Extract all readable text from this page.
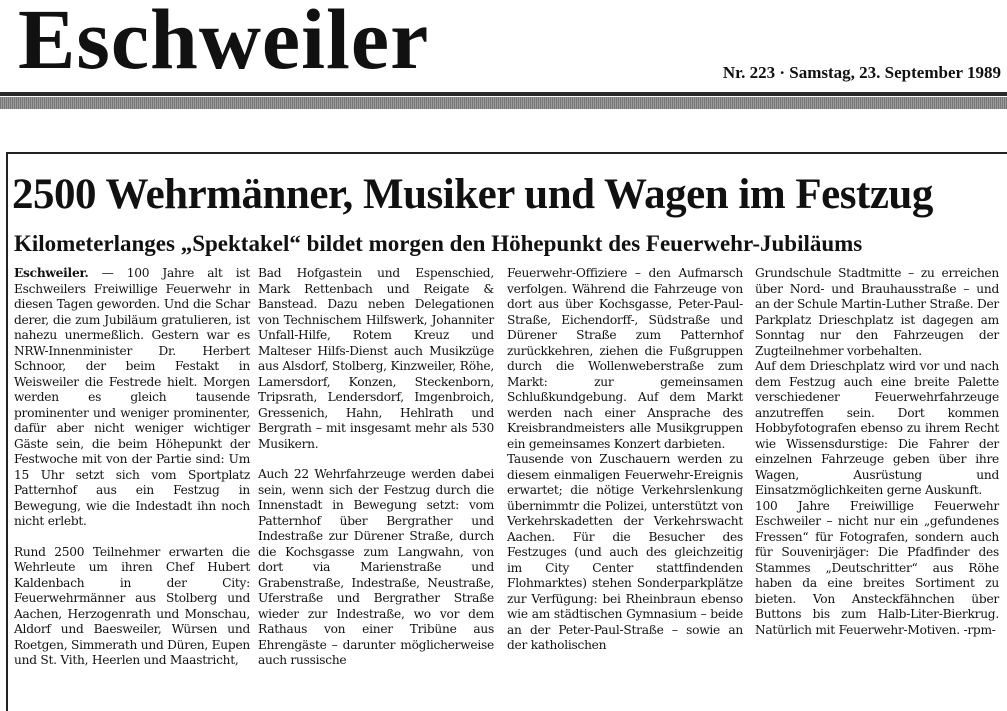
Eschweiler	Nr. 223 · Samstag, 23. September 1989
2500 Wehrmänner, Musiker und Wagen im Festzug
Kilometerlanges „Spektakel“ bildet morgen den Höhepunkt des Feuerwehr-Jubiläums

Eschweiler. — 100 Jahre alt ist Eschweilers Freiwillige Feuerwehr in diesen Tagen geworden. Und die Schar derer, die zum Jubiläum gratulieren, ist nahezu unermeßlich. Gestern war es NRW-Innenminister Dr. Herbert Schnoor, der beim Festakt in Weisweiler die Festrede hielt. Morgen werden es gleich tausende prominenter und weniger prominenter, dafür aber nicht weniger wichtiger Gäste sein, die beim Höhepunkt der Festwoche mit von der Partie sind: Um 15 Uhr setzt sich vom Sportplatz Patternhof aus ein Festzug in Bewegung, wie die Indestadt ihn noch nicht erlebt.

Rund 2500 Teilnehmer erwarten die Wehrleute um ihren Chef Hubert Kaldenbach in der City: Feuerwehrmänner aus Stolberg und Aachen, Herzogenrath und Monschau, Aldorf und Baesweiler, Würsen und Roetgen, Simmerath und Düren, Eupen und St. Vith, Heerlen und Maastricht,

Bad Hofgastein und Espenschied, Mark Rettenbach und Reigate & Banstead. Dazu neben Delegationen von Technischem Hilfswerk, Johanniter Unfall-Hilfe, Rotem Kreuz und Malteser Hilfs-Dienst auch Musikzüge aus Alsdorf, Stolberg, Kinzweiler, Röhe, Lamersdorf, Konzen, Steckenborn, Tripsrath, Lendersdorf, Imgenbroich, Gressenich, Hahn, Hehlrath und Bergrath – mit insgesamt mehr als 530 Musikern.

Auch 22 Wehrfahrzeuge werden dabei sein, wenn sich der Festzug durch die Innenstadt in Bewegung setzt: vom Patternhof über Bergrather und Indestraße zur Dürener Straße, durch die Kochsgasse zum Langwahn, von dort via Marienstraße und Grabenstraße, Indestraße, Neustraße, Uferstraße und Bergrather Straße wieder zur Indestraße, wo vor dem Rathaus von einer Tribüne aus Ehrengäste – darunter möglicherweise auch russische

Feuerwehr-Offiziere – den Aufmarsch verfolgen. Während die Fahrzeuge von dort aus über Kochsgasse, Peter-Paul-Straße, Eichendorff-, Südstraße und Dürener Straße zum Patternhof zurückkehren, ziehen die Fußgruppen durch die Wollenweberstraße zum Markt: zur gemeinsamen Schlußkundgebung. Auf dem Markt werden nach einer Ansprache des Kreisbrandmeisters alle Musikgruppen ein gemeinsames Konzert darbieten.

Tausende von Zuschauern werden zu diesem einmaligen Feuerwehr-Ereignis erwartet; die nötige Verkehrslenkung übernimmtr die Polizei, unterstützt von Verkehrskadetten der Verkehrswacht Aachen. Für die Besucher des Festzuges (und auch des gleichzeitig im City Center stattfindenden Flohmarktes) stehen Sonderparkplätze zur Verfügung: bei Rheinbraun ebenso wie am städtischen Gymnasium – beide an der Peter-Paul-Straße – sowie an der katholischen

Grundschule Stadtmitte – zu erreichen über Nord- und Brauhausstraße – und an der Schule Martin-Luther Straße. Der Parkplatz Drieschplatz ist dagegen am Sonntag nur den Fahrzeugen der Zugteilnehmer vorbehalten.

Auf dem Drieschplatz wird vor und nach dem Festzug auch eine breite Palette verschiedener Feuerwehrfahrzeuge anzutreffen sein. Dort kommen Hobbyfotografen ebenso zu ihrem Recht wie Wissensdurstige: Die Fahrer der einzelnen Fahrzeuge geben über ihre Wagen, Ausrüstung und Einsatzmöglichkeiten gerne Auskunft.

100 Jahre Freiwillige Feuerwehr Eschweiler – nicht nur ein „gefundenes Fressen“ für Fotografen, sondern auch für Souvenirjäger: Die Pfadfinder des Stammes „Deutschritter“ aus Röhe haben da eine breites Sortiment zu bieten. Von Ansteckfähnchen über Buttons bis zum Halb-Liter-Bierkrug. Natürlich mit Feuerwehr-Motiven. -rpm-
